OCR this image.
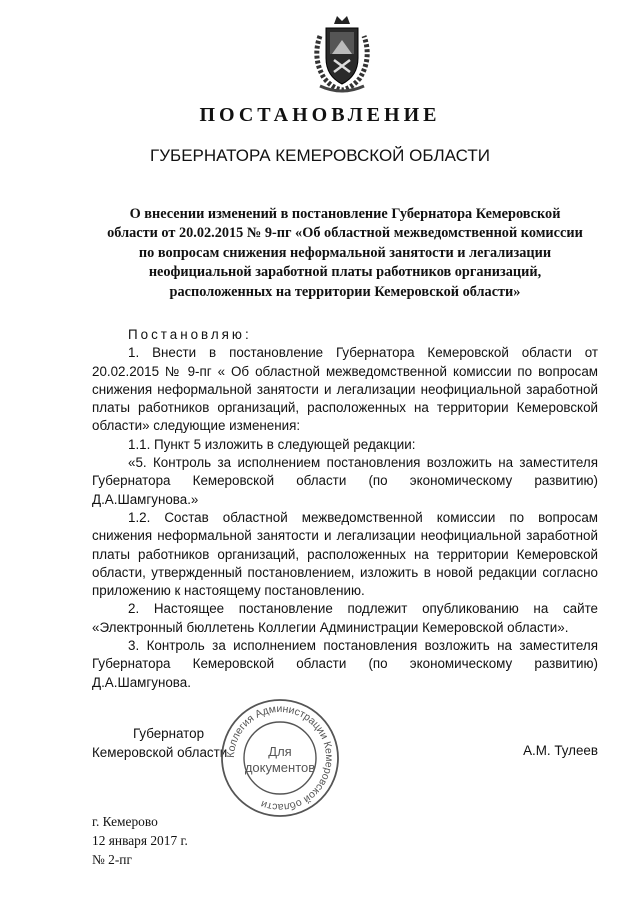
ПОСТАНОВЛЕНИЕ
ГУБЕРНАТОРА КЕМЕРОВСКОЙ ОБЛАСТИ
О внесении изменений в постановление Губернатора Кемеровской
области от 20.02.2015 № 9-пг «Об областной межведомственной комиссии
по вопросам снижения неформальной занятости и легализации
неофициальной заработной платы работников организаций,
расположенных на территории Кемеровской области»

Постановляю:

1. Внести в постановление Губернатора Кемеровской области от 20.02.2015 № 9-пг « Об областной межведомственной комиссии по вопросам снижения неформальной занятости и легализации неофициальной заработной платы работников организаций, расположенных на территории Кемеровской области» следующие изменения:

1.1. Пункт 5 изложить в следующей редакции:

«5. Контроль за исполнением постановления возложить на заместителя Губернатора Кемеровской области (по экономическому развитию)

Д.А.Шамгунова.»

1.2. Состав областной межведомственной комиссии по вопросам снижения неформальной занятости и легализации неофициальной заработной платы работников организаций, расположенных на территории Кемеровской области, утвержденный постановлением, изложить в новой редакции согласно приложению к настоящему постановлению.

2. Настоящее постановление подлежит опубликованию на сайте «Электронный бюллетень Коллегии Администрации Кемеровской области».

3. Контроль за исполнением постановления возложить на заместителя Губернатора Кемеровской области (по экономическому развитию)

Д.А.Шамгунова.

Губернатор
Кемеровской области	А.М. Тулеев
Коллегия Администрации Кемеровской области
Для
документов
г. Кемерово
12 января 2017 г.
№ 2-пг
